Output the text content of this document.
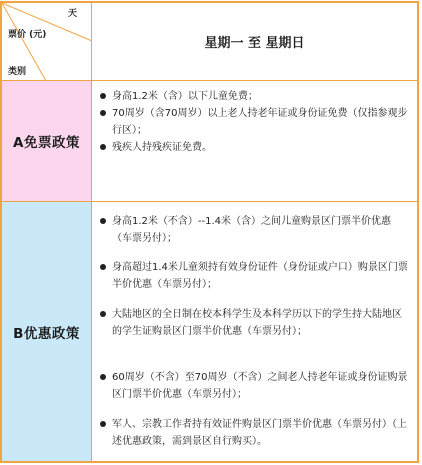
天
票价 (元)
类别
星期一 至 星期日
A免票政策
身高1.2米（含）以下儿童免费；
70周岁（含70周岁）以上老人持老年证或身份证免费（仅指参观步行区）；
残疾人持残疾证免费。
B优惠政策
身高1.2米（不含）--1.4米（含）之间儿童购景区门票半价优惠（车票另付）；
身高超过1.4米儿童须持有效身份证件（身份证或户口）购景区门票半价优惠（车票另付）；
大陆地区的全日制在校本科学生及本科学历以下的学生持大陆地区的学生证购景区门票半价优惠（车票另付）；
60周岁（不含）至70周岁（不含）之间老人持老年证或身份证购景区门票半价优惠（车票另付）；
军人、宗教工作者持有效证件购景区门票半价优惠（车票另付）（上述优惠政策，需到景区自行购买）。
